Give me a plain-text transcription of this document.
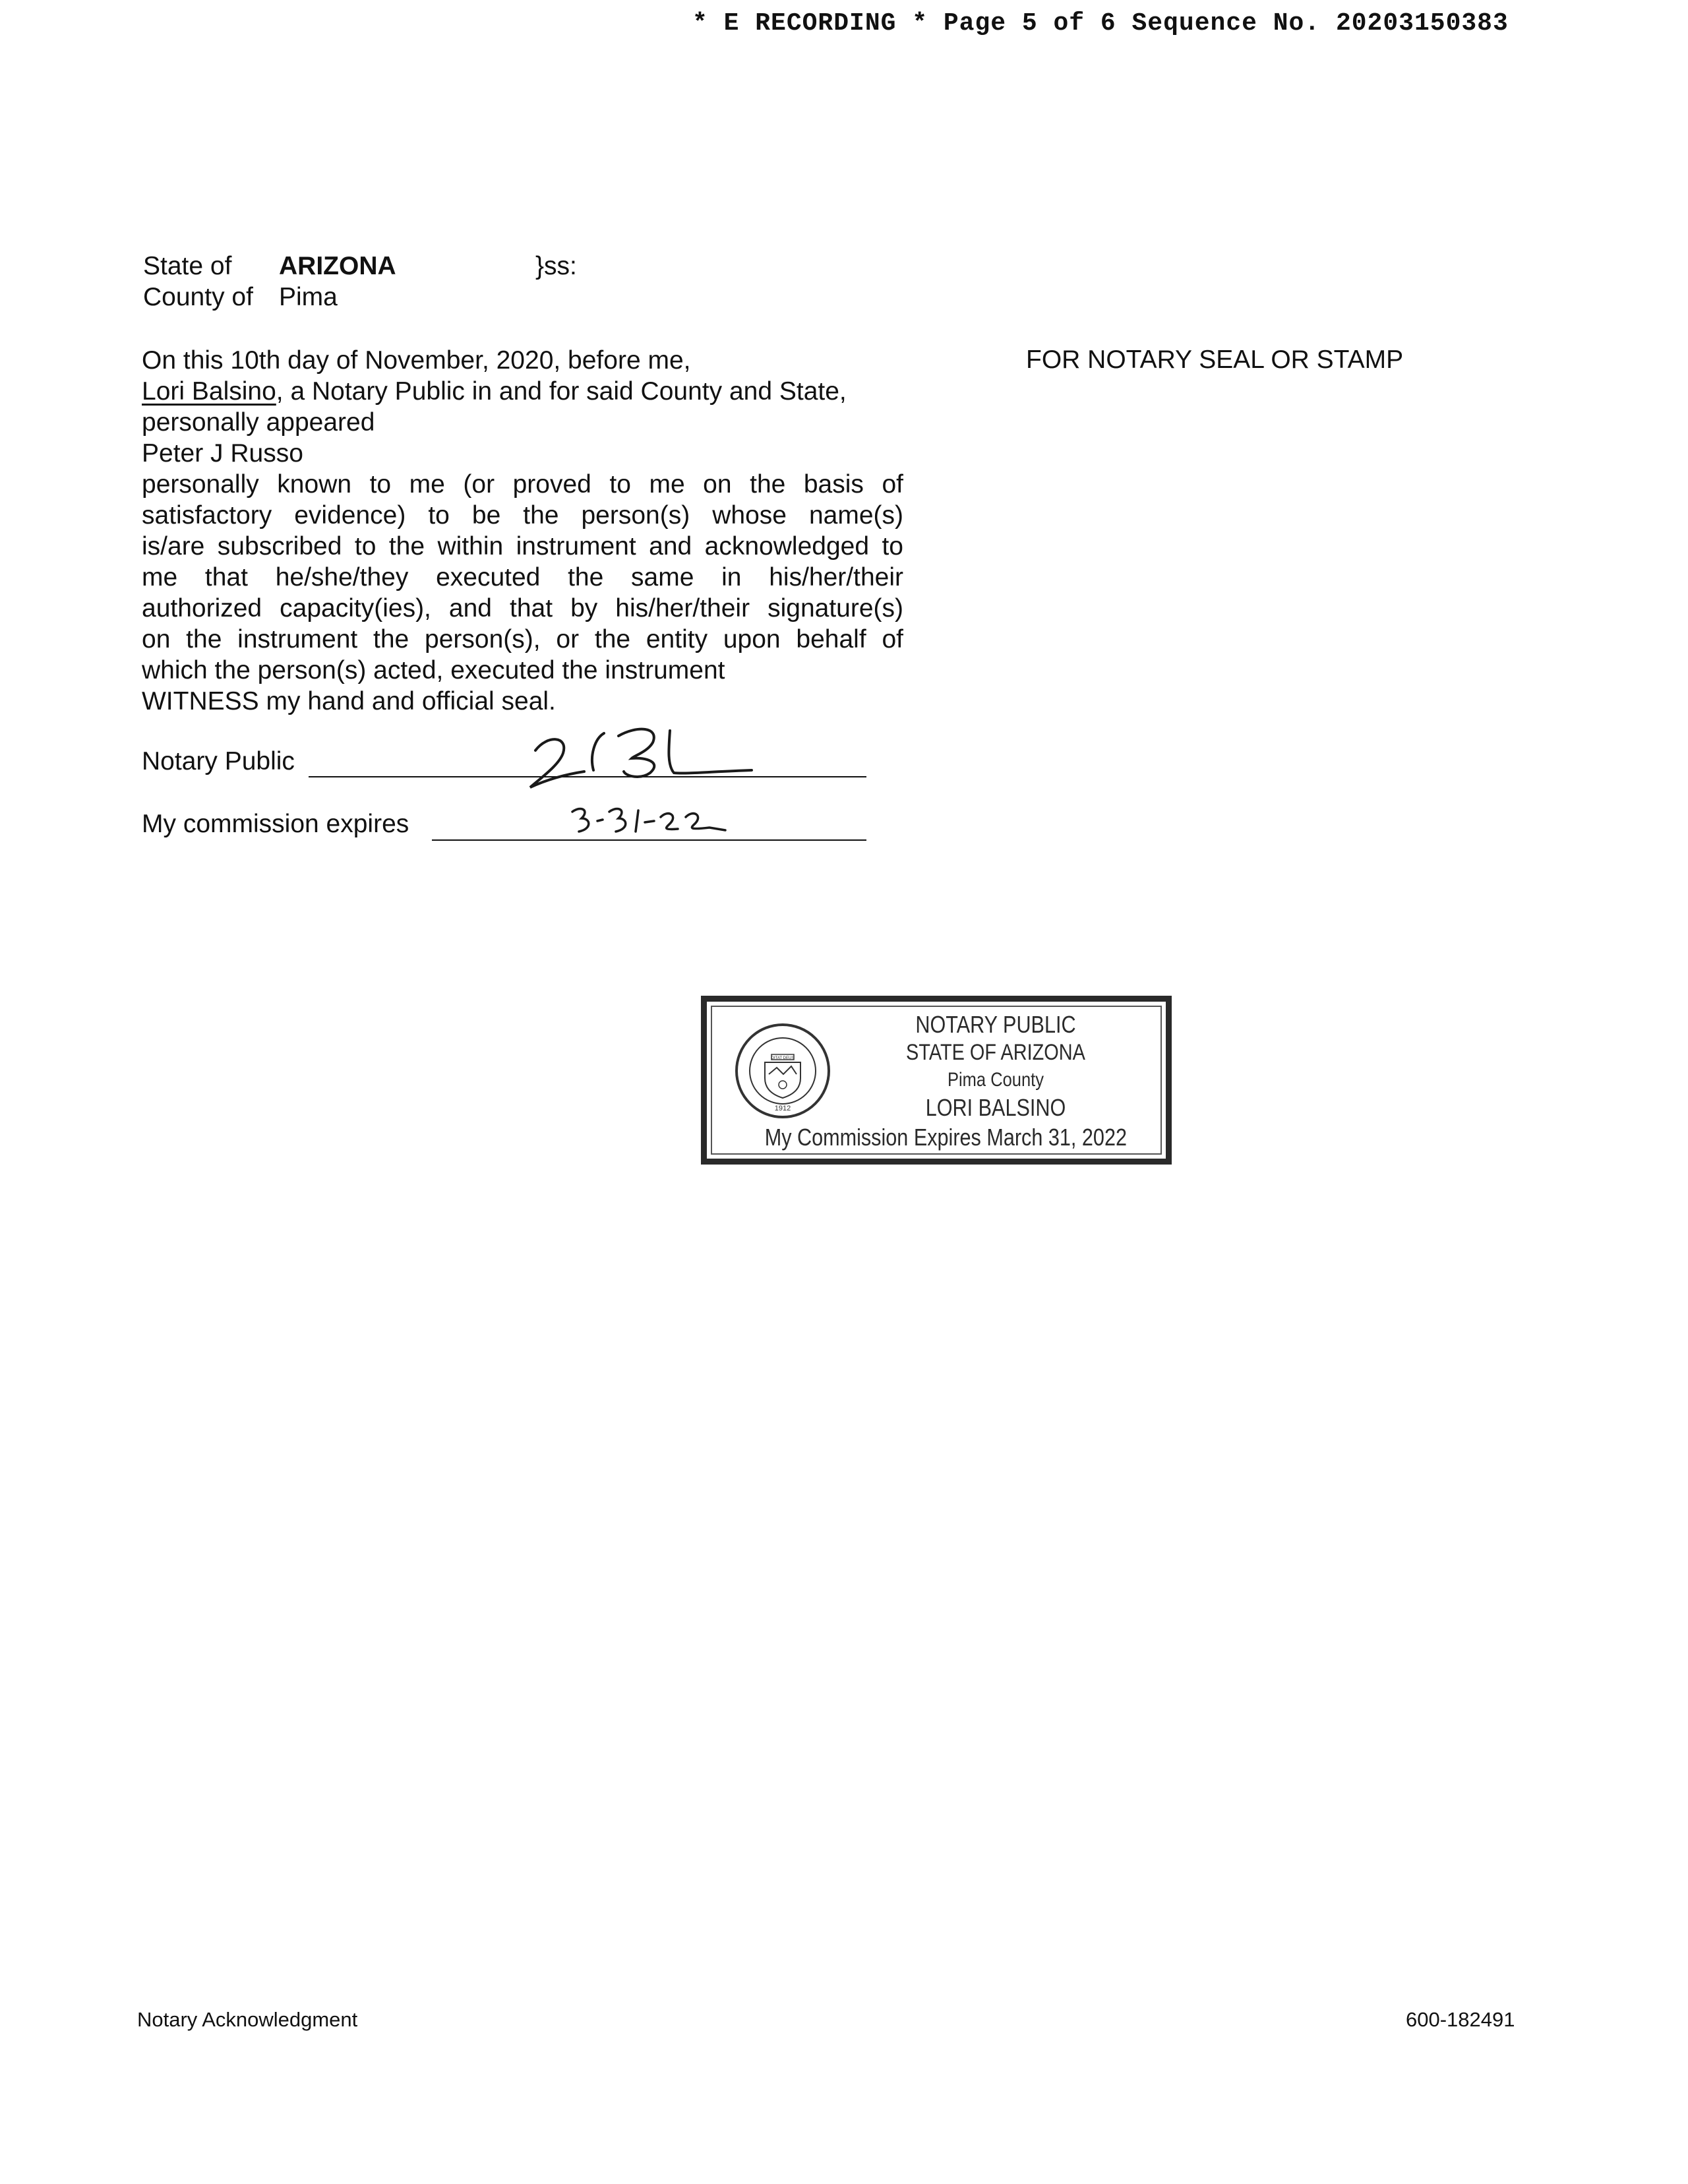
* E RECORDING * Page 5 of 6 Sequence No. 20203150383
State of ARIZONA	}ss:
County of Pima
FOR NOTARY SEAL OR STAMP
On this 10th day of November, 2020, before me,
Lori Balsino, a Notary Public in and for said County and State,
personally appeared
Peter J Russo
personally known to me (or proved to me on the basis of
satisfactory evidence) to be the person(s) whose name(s)
is/are subscribed to the within instrument and acknowledged to
me that he/she/they executed the same in his/her/their
authorized capacity(ies), and that by his/her/their signature(s)
on the instrument the person(s), or the entity upon behalf of
which the person(s) acted, executed the instrument
WITNESS my hand and official seal.
Notary Public
My commission expires
1912
DITAT DEUS
NOTARY PUBLIC
STATE OF ARIZONA
Pima County
LORI BALSINO
My Commission Expires March 31, 2022
Notary Acknowledgment	600-182491
